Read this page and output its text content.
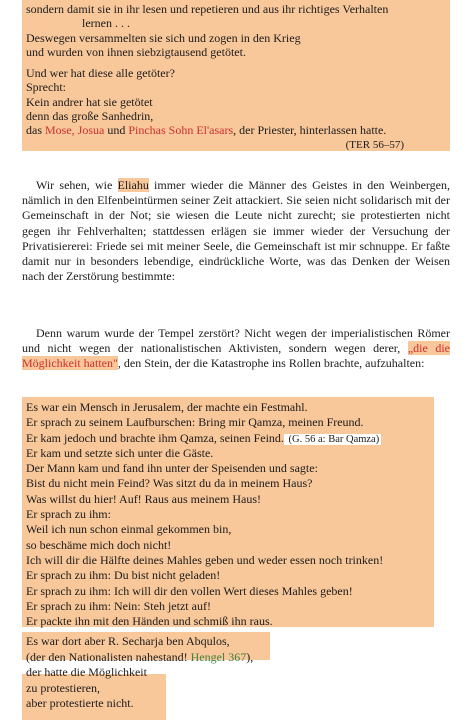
sondern damit sie in ihr lesen und repetieren und aus ihr richtiges Verhalten
lernen . . .
Deswegen versammelten sie sich und zogen in den Krieg
und wurden von ihnen siebzigtausend getötet.
Und wer hat diese alle getöter?
Sprecht:
Kein andrer hat sie getötet
denn das große Sanhedrin,
das Mose, Josua und Pinchas Sohn El'asars, der Priester, hinterlassen hatte.
(TER 56–57)

Wir sehen, wie Eliahu immer wieder die Männer des Geistes in den Weinbergen, nämlich in den Elfenbeintürmen seiner Zeit attackiert. Sie seien nicht solidarisch mit der Gemeinschaft in der Not; sie wiesen die Leute nicht zurecht; sie protestierten nicht gegen ihr Fehlverhalten; stattdessen erlägen sie immer wieder der Versuchung der Privatisiererei: Friede sei mit meiner Seele, die Gemeinschaft ist mir schnuppe. Er faßte damit nur in besonders lebendige, eindrückliche Worte, was das Denken der Weisen nach der Zerstörung bestimmte:

Denn warum wurde der Tempel zerstört? Nicht wegen der imperialistischen Römer und nicht wegen der nationalistischen Aktivisten, sondern wegen derer, „die die Möglichkeit hatten", den Stein, der die Katastrophe ins Rollen brachte, aufzuhalten:

Es war ein Mensch in Jerusalem, der machte ein Festmahl.
Er sprach zu seinem Laufburschen: Bring mir Qamza, meinen Freund.
Er kam jedoch und brachte ihm Qamza, seinen Feind. (G. 56 a: Bar Qamza)
Er kam und setzte sich unter die Gäste.
Der Mann kam und fand ihn unter der Speisenden und sagte:
Bist du nicht mein Feind? Was sitzt du da in meinem Haus?
Was willst du hier! Auf! Raus aus meinem Haus!
Er sprach zu ihm:
Weil ich nun schon einmal gekommen bin,
so beschäme mich doch nicht!
Ich will dir die Hälfte deines Mahles geben und weder essen noch trinken!
Er sprach zu ihm: Du bist nicht geladen!
Er sprach zu ihm: Ich will dir den vollen Wert dieses Mahles geben!
Er sprach zu ihm: Nein: Steh jetzt auf!
Er packte ihn mit den Händen und schmiß ihn raus.
Es war dort aber R. Secharja ben Abqulos,
(der den Nationalisten nahestand! Hengel 367),
der hatte die Möglichkeit
zu protestieren,
aber protestierte nicht.
